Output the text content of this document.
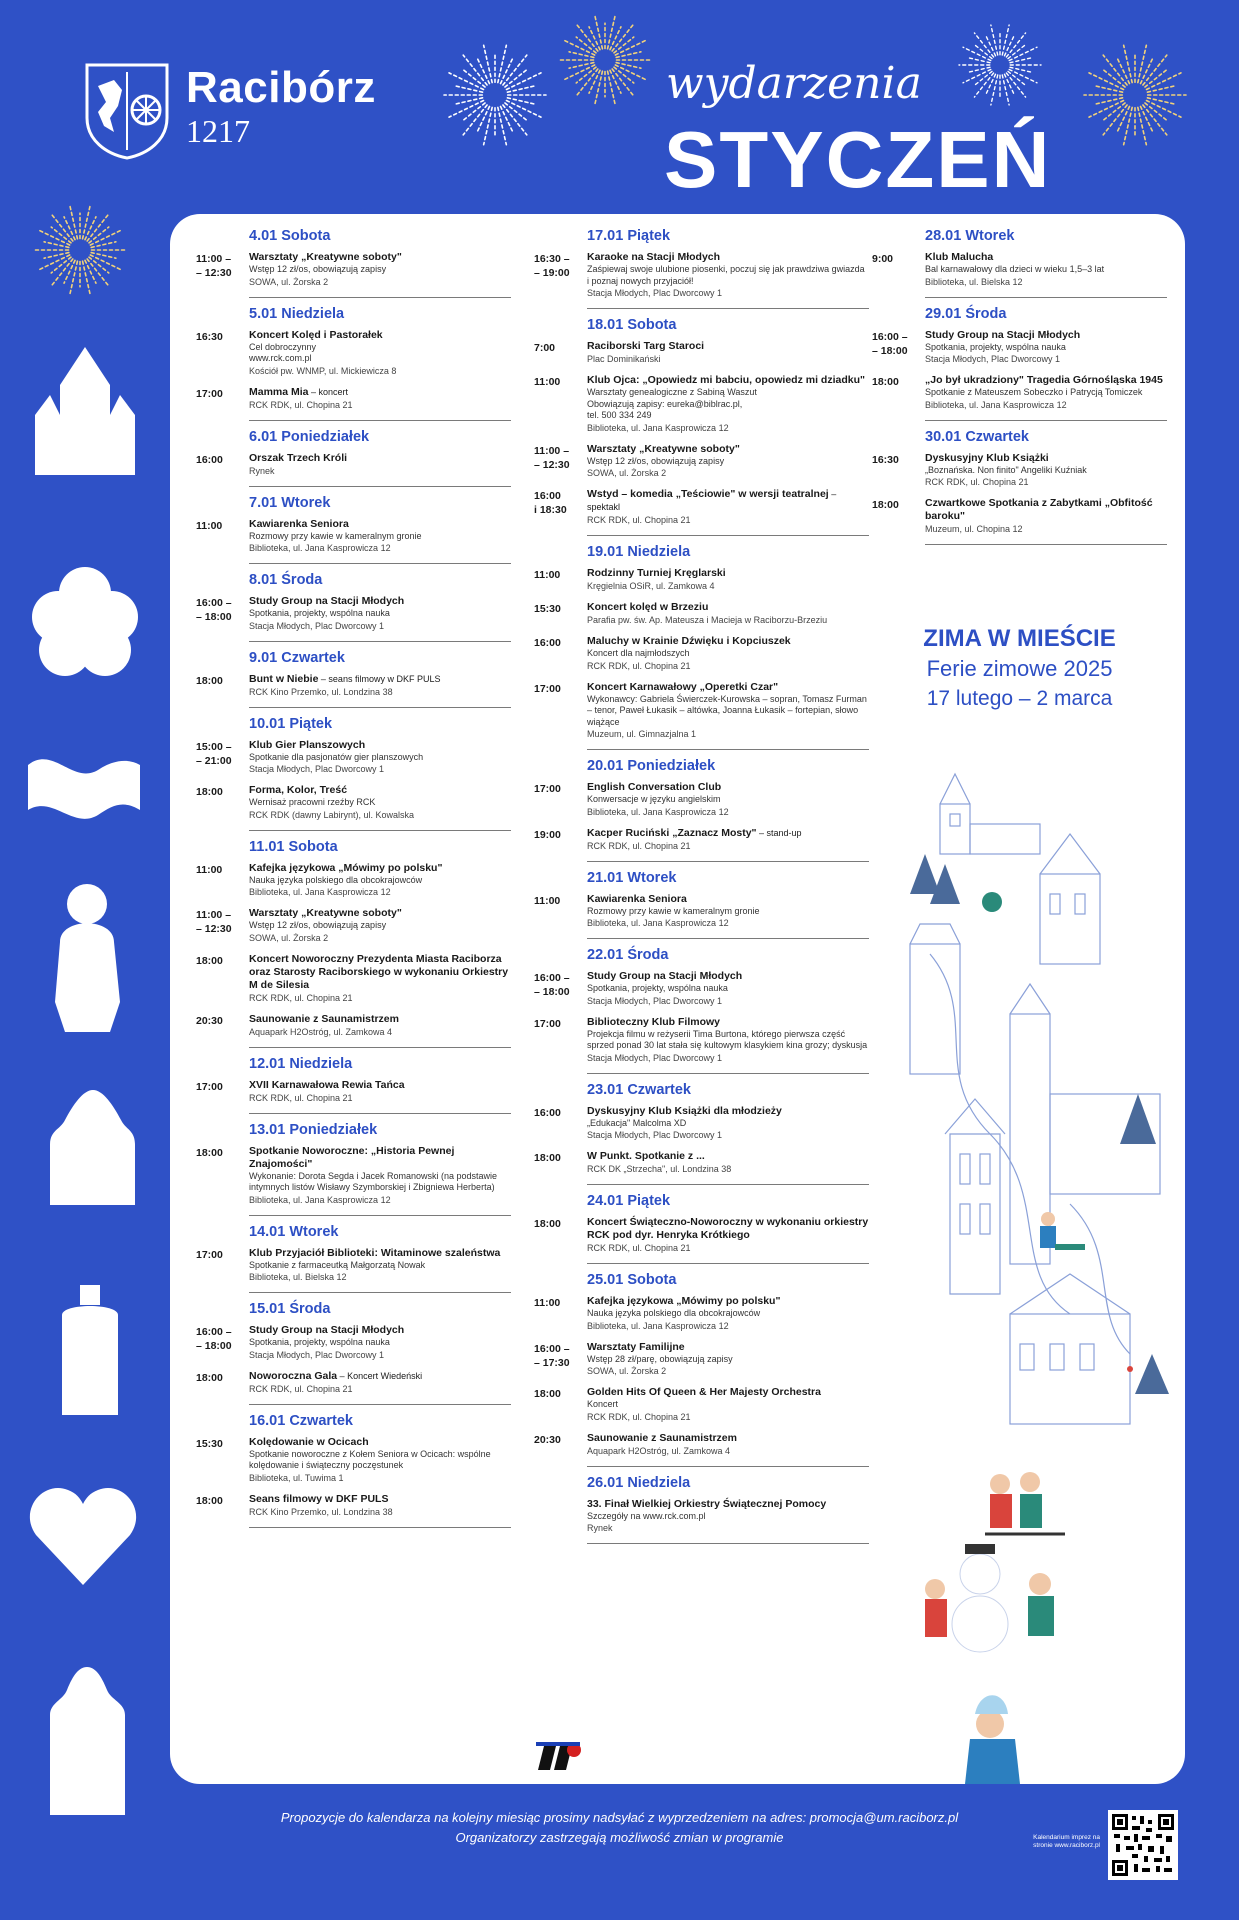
Racibórz
1217
wydarzenia
STYCZEŃ
4.01 Sobota
11:00 –
– 12:30
Warsztaty „Kreatywne soboty"
Wstęp 12 zł/os, obowiązują zapisy
SOWA, ul. Żorska 2
5.01 Niedziela
16:30	Koncert Kolęd i Pastorałek
Cel dobroczynny
www.rck.com.pl
Kościół pw. WNMP, ul. Mickiewicza 8
17:00	Mamma Mia – koncert
RCK RDK, ul. Chopina 21
6.01 Poniedziałek
16:00	Orszak Trzech Króli
Rynek
7.01 Wtorek
11:00	Kawiarenka Seniora
Rozmowy przy kawie w kameralnym gronie
Biblioteka, ul. Jana Kasprowicza 12
8.01 Środa
16:00 –
– 18:00
Study Group na Stacji Młodych
Spotkania, projekty, wspólna nauka
Stacja Młodych, Plac Dworcowy 1
9.01 Czwartek
18:00	Bunt w Niebie – seans filmowy w DKF PULS
RCK Kino Przemko, ul. Londzina 38
10.01 Piątek
15:00 –
– 21:00
Klub Gier Planszowych
Spotkanie dla pasjonatów gier planszowych
Stacja Młodych, Plac Dworcowy 1
18:00	Forma, Kolor, Treść
Wernisaż pracowni rzeźby RCK
RCK RDK (dawny Labirynt), ul. Kowalska
11.01 Sobota
11:00	Kafejka językowa „Mówimy po polsku"
Nauka języka polskiego dla obcokrajowców
Biblioteka, ul. Jana Kasprowicza 12
11:00 –
– 12:30
Warsztaty „Kreatywne soboty"
Wstęp 12 zł/os, obowiązują zapisy
SOWA, ul. Żorska 2
18:00	Koncert Noworoczny Prezydenta Miasta Raciborza oraz Starosty Raciborskiego w wykonaniu Orkiestry M de Silesia
RCK RDK, ul. Chopina 21
20:30	Saunowanie z Saunamistrzem
Aquapark H2Ostróg, ul. Zamkowa 4
12.01 Niedziela
17:00	XVII Karnawałowa Rewia Tańca
RCK RDK, ul. Chopina 21
13.01 Poniedziałek
18:00	Spotkanie Noworoczne: „Historia Pewnej Znajomości"
Wykonanie: Dorota Segda i Jacek Romanowski (na podstawie intymnych listów Wisławy Szymborskiej i Zbigniewa Herberta)
Biblioteka, ul. Jana Kasprowicza 12
14.01 Wtorek
17:00	Klub Przyjaciół Biblioteki: Witaminowe szaleństwa
Spotkanie z farmaceutką Małgorzatą Nowak
Biblioteka, ul. Bielska 12
15.01 Środa
16:00 –
– 18:00
Study Group na Stacji Młodych
Spotkania, projekty, wspólna nauka
Stacja Młodych, Plac Dworcowy 1
18:00	Noworoczna Gala – Koncert Wiedeński
RCK RDK, ul. Chopina 21
16.01 Czwartek
15:30	Kolędowanie w Ocicach
Spotkanie noworoczne z Kołem Seniora w Ocicach: wspólne kolędowanie i świąteczny poczęstunek
Biblioteka, ul. Tuwima 1
18:00	Seans filmowy w DKF PULS
RCK Kino Przemko, ul. Londzina 38
17.01 Piątek
16:30 –
– 19:00
Karaoke na Stacji Młodych
Zaśpiewaj swoje ulubione piosenki, poczuj się jak prawdziwa gwiazda i poznaj nowych przyjaciół!
Stacja Młodych, Plac Dworcowy 1
18.01 Sobota
7:00	Raciborski Targ Staroci
Plac Dominikański
11:00	Klub Ojca: „Opowiedz mi babciu, opowiedz mi dziadku"
Warsztaty genealogiczne z Sabiną Waszut
Obowiązują zapisy: eureka@biblrac.pl,
tel. 500 334 249
Biblioteka, ul. Jana Kasprowicza 12
11:00 –
– 12:30
Warsztaty „Kreatywne soboty"
Wstęp 12 zł/os, obowiązują zapisy
SOWA, ul. Żorska 2
16:00
i 18:30
Wstyd – komedia „Teściowie" w wersji teatralnej – spektakl
RCK RDK, ul. Chopina 21
19.01 Niedziela
11:00	Rodzinny Turniej Kręglarski
Kręgielnia OSiR, ul. Zamkowa 4
15:30	Koncert kolęd w Brzeziu
Parafia pw. św. Ap. Mateusza i Macieja w Raciborzu-Brzeziu
16:00	Maluchy w Krainie Dźwięku i Kopciuszek
Koncert dla najmłodszych
RCK RDK, ul. Chopina 21
17:00	Koncert Karnawałowy „Operetki Czar"
Wykonawcy: Gabriela Świerczek-Kurowska – sopran, Tomasz Furman – tenor, Paweł Łukasik – altówka, Joanna Łukasik – fortepian, słowo wiążące
Muzeum, ul. Gimnazjalna 1
20.01 Poniedziałek
17:00	English Conversation Club
Konwersacje w języku angielskim
Biblioteka, ul. Jana Kasprowicza 12
19:00	Kacper Ruciński „Zaznacz Mosty" – stand-up
RCK RDK, ul. Chopina 21
21.01 Wtorek
11:00	Kawiarenka Seniora
Rozmowy przy kawie w kameralnym gronie
Biblioteka, ul. Jana Kasprowicza 12
22.01 Środa
16:00 –
– 18:00
Study Group na Stacji Młodych
Spotkania, projekty, wspólna nauka
Stacja Młodych, Plac Dworcowy 1
17:00	Biblioteczny Klub Filmowy
Projekcja filmu w reżyserii Tima Burtona, którego pierwsza część sprzed ponad 30 lat stała się kultowym klasykiem kina grozy; dyskusja
Stacja Młodych, Plac Dworcowy 1
23.01 Czwartek
16:00	Dyskusyjny Klub Książki dla młodzieży
„Edukacja" Malcolma XD
Stacja Młodych, Plac Dworcowy 1
18:00	W Punkt. Spotkanie z ...
RCK DK „Strzecha", ul. Londzina 38
24.01 Piątek
18:00	Koncert Świąteczno-Noworoczny w wykonaniu orkiestry RCK pod dyr. Henryka Krótkiego
RCK RDK, ul. Chopina 21
25.01 Sobota
11:00	Kafejka językowa „Mówimy po polsku"
Nauka języka polskiego dla obcokrajowców
Biblioteka, ul. Jana Kasprowicza 12
16:00 –
– 17:30
Warsztaty Familijne
Wstęp 28 zł/parę, obowiązują zapisy
SOWA, ul. Żorska 2
18:00	Golden Hits Of Queen & Her Majesty Orchestra
Koncert
RCK RDK, ul. Chopina 21
20:30	Saunowanie z Saunamistrzem
Aquapark H2Ostróg, ul. Zamkowa 4
26.01 Niedziela
33. Finał Wielkiej Orkiestry Świątecznej Pomocy
Szczegóły na www.rck.com.pl
Rynek
28.01 Wtorek
9:00	Klub Malucha
Bal karnawałowy dla dzieci w wieku 1,5–3 lat
Biblioteka, ul. Bielska 12
29.01 Środa
16:00 –
– 18:00
Study Group na Stacji Młodych
Spotkania, projekty, wspólna nauka
Stacja Młodych, Plac Dworcowy 1
18:00	„Jo był ukradziony" Tragedia Górnośląska 1945
Spotkanie z Mateuszem Sobeczko i Patrycją Tomiczek
Biblioteka, ul. Jana Kasprowicza 12
30.01 Czwartek
16:30	Dyskusyjny Klub Książki
„Boznańska. Non finito" Angeliki Kuźniak
RCK RDK, ul. Chopina 21
18:00	Czwartkowe Spotkania z Zabytkami „Obfitość baroku"
Muzeum, ul. Chopina 12
ZIMA W MIEŚCIE
Ferie zimowe 2025
17 lutego – 2 marca
Propozycje do kalendarza na kolejny miesiąc prosimy nadsyłać z wyprzedzeniem na adres: promocja@um.raciborz.pl
Organizatorzy zastrzegają możliwość zmian w programie	Kalendarium imprez na stronie www.raciborz.pl
